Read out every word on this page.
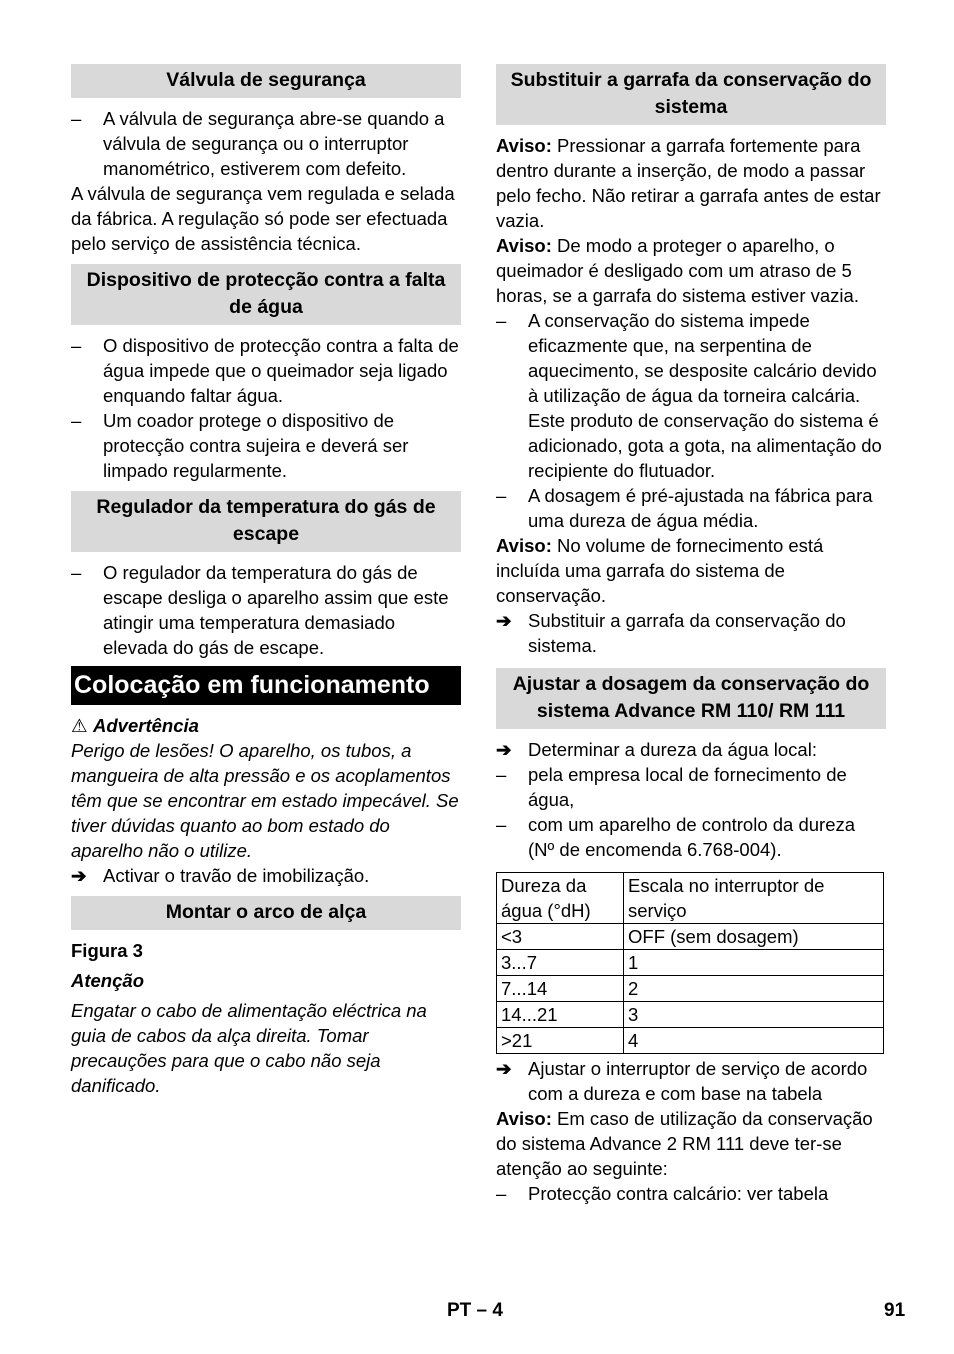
Válvula de segurança
– A válvula de segurança abre-se quando a válvula de segurança ou o interruptor manométrico, estiverem com defeito.

A válvula de segurança vem regulada e selada da fábrica. A regulação só pode ser efectuada pelo serviço de assistência técnica.

Dispositivo de protecção contra a falta de água
– O dispositivo de protecção contra a falta de água impede que o queimador seja ligado enquando faltar água.
– Um coador protege o dispositivo de protecção contra sujeira e deverá ser limpado regularmente.
Regulador da temperatura do gás de escape
– O regulador da temperatura do gás de escape desliga o aparelho assim que este atingir uma temperatura demasiado elevada do gás de escape.
Colocação em funcionamento

⚠ Advertência

Perigo de lesões! O aparelho, os tubos, a mangueira de alta pressão e os acoplamentos têm que se encontrar em estado impecável. Se tiver dúvidas quanto ao bom estado do aparelho não o utilize.

➔ Activar o travão de imobilização.
Montar o arco de alça

Figura 3

Atenção

Engatar o cabo de alimentação eléctrica na guia de cabos da alça direita. Tomar precauções para que o cabo não seja danificado.

Substituir a garrafa da conservação do sistema

Aviso: Pressionar a garrafa fortemente para dentro durante a inserção, de modo a passar pelo fecho. Não retirar a garrafa antes de estar vazia.

Aviso: De modo a proteger o aparelho, o queimador é desligado com um atraso de 5 horas, se a garrafa do sistema estiver vazia.

– A conservação do sistema impede eficazmente que, na serpentina de aquecimento, se desposite calcário devido à utilização de água da torneira calcária. Este produto de conservação do sistema é adicionado, gota a gota, na alimentação do recipiente do flutuador.
– A dosagem é pré-ajustada na fábrica para uma dureza de água média.

Aviso: No volume de fornecimento está incluída uma garrafa do sistema de conservação.

➔ Substituir a garrafa da conservação do sistema.
Ajustar a dosagem da conservação do sistema Advance RM 110/ RM 111
➔ Determinar a dureza da água local:
– pela empresa local de fornecimento de água,
– com um aparelho de controlo da dureza (Nº de encomenda 6.768-004).
Dureza da água (°dH)	Escala no interruptor de serviço
<3	OFF (sem dosagem)
3...7	1
7...14	2
14...21	3
>21	4
➔ Ajustar o interruptor de serviço de acordo com a dureza e com base na tabela

Aviso: Em caso de utilização da conservação do sistema Advance 2 RM 111 deve ter-se atenção ao seguinte:

– Protecção contra calcário: ver tabela
PT – 4	91
